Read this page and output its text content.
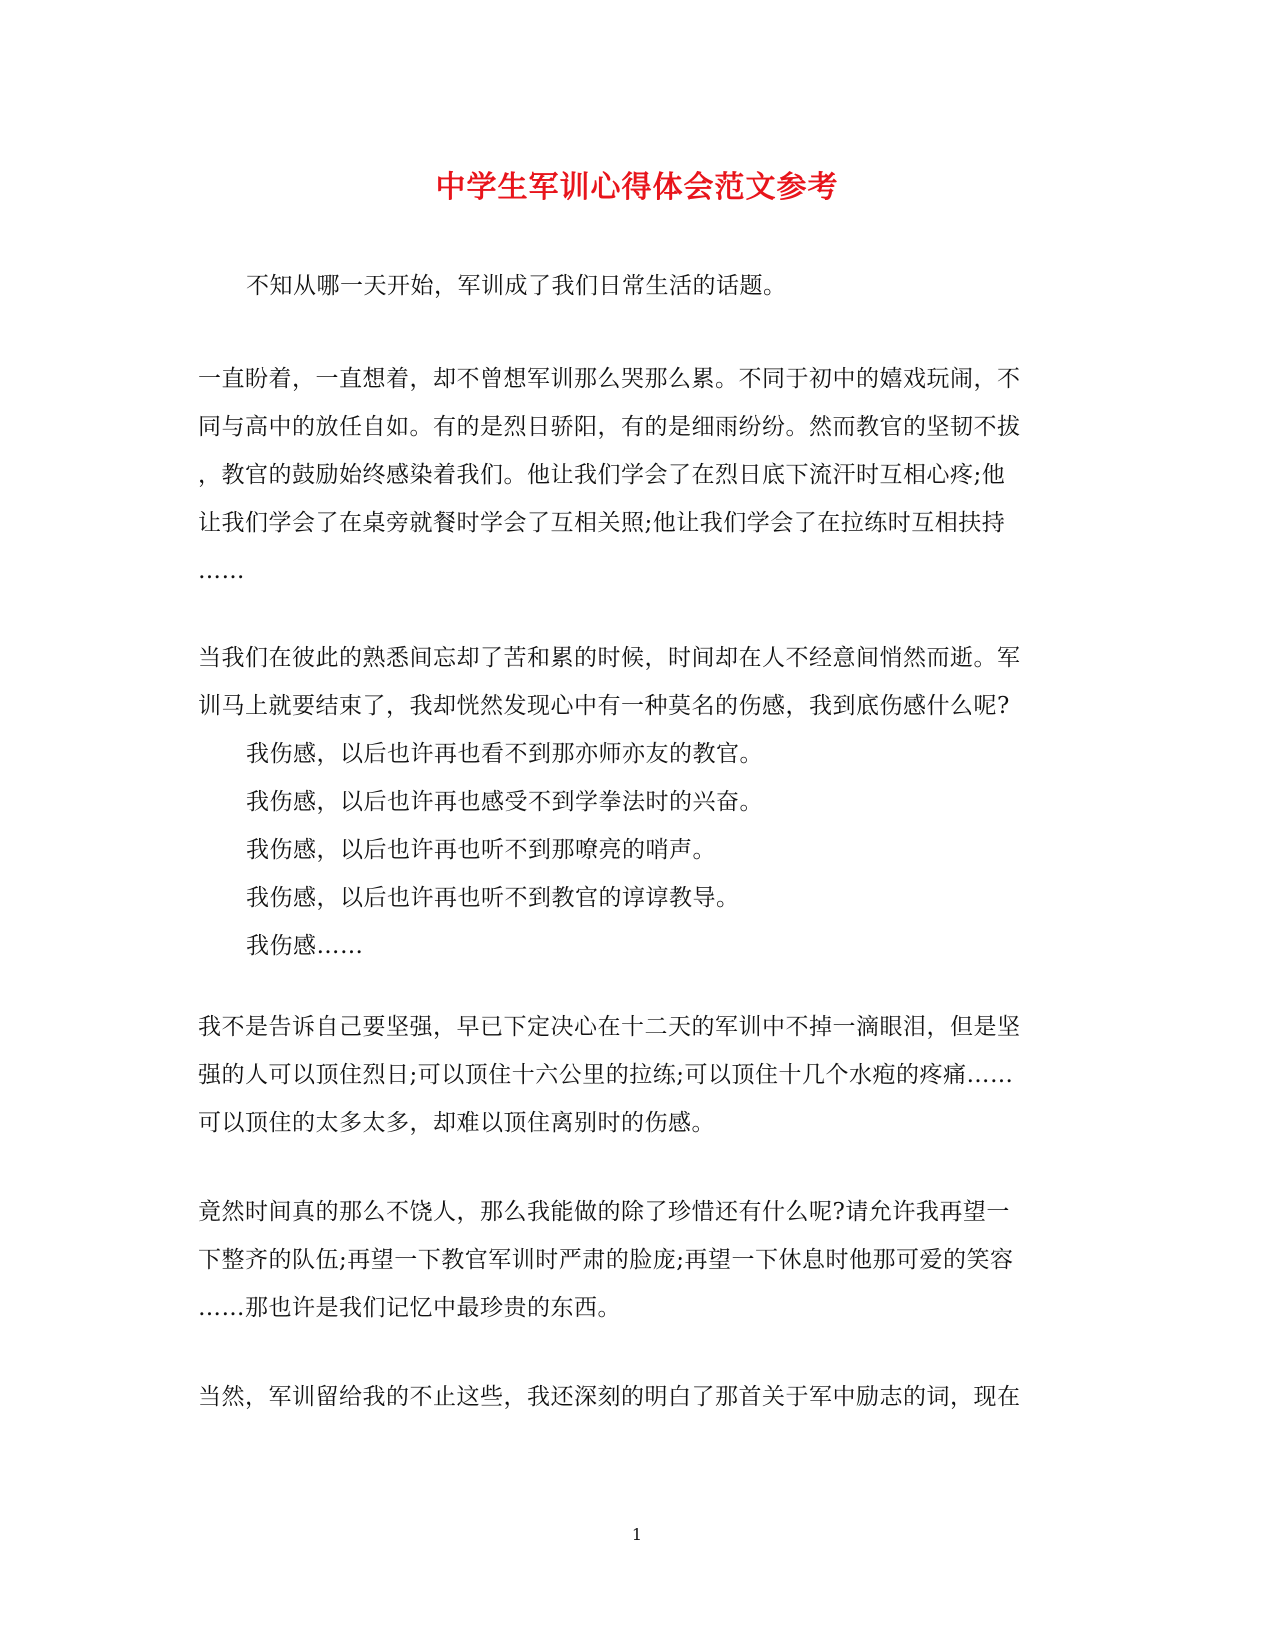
中学生军训心得体会范文参考
不知从哪一天开始，军训成了我们日常生活的话题。
一直盼着，一直想着，却不曾想军训那么哭那么累。不同于初中的嬉戏玩闹，不
同与高中的放任自如。有的是烈日骄阳，有的是细雨纷纷。然而教官的坚韧不拔
，教官的鼓励始终感染着我们。他让我们学会了在烈日底下流汗时互相心疼;他
让我们学会了在桌旁就餐时学会了互相关照;他让我们学会了在拉练时互相扶持
……
当我们在彼此的熟悉间忘却了苦和累的时候，时间却在人不经意间悄然而逝。军
训马上就要结束了，我却恍然发现心中有一种莫名的伤感，我到底伤感什么呢?
我伤感，以后也许再也看不到那亦师亦友的教官。
我伤感，以后也许再也感受不到学拳法时的兴奋。
我伤感，以后也许再也听不到那嘹亮的哨声。
我伤感，以后也许再也听不到教官的谆谆教导。
我伤感……
我不是告诉自己要坚强，早已下定决心在十二天的军训中不掉一滴眼泪，但是坚
强的人可以顶住烈日;可以顶住十六公里的拉练;可以顶住十几个水疱的疼痛……
可以顶住的太多太多，却难以顶住离别时的伤感。
竟然时间真的那么不饶人，那么我能做的除了珍惜还有什么呢?请允许我再望一
下整齐的队伍;再望一下教官军训时严肃的脸庞;再望一下休息时他那可爱的笑容
……那也许是我们记忆中最珍贵的东西。
当然，军训留给我的不止这些，我还深刻的明白了那首关于军中励志的词，现在
1
